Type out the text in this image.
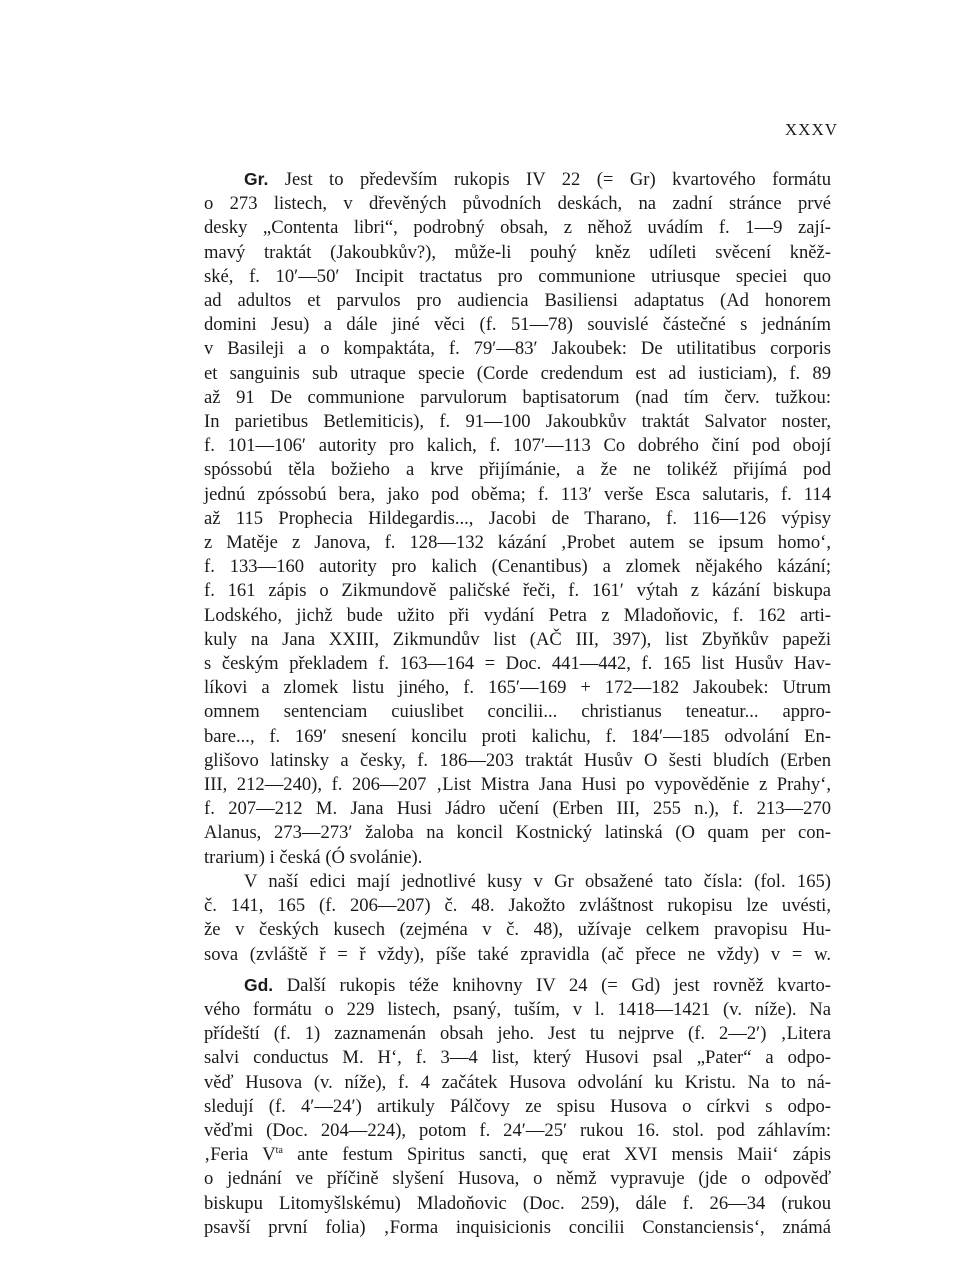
XXXV
Gr. Jest to především rukopis IV 22 (= Gr) kvartového formátu
o 273 listech, v dřevěných původních deskách, na zadní stránce prvé
desky „Contenta libri“, podrobný obsah, z něhož uvádím f. 1—9 zají-
mavý traktát (Jakoubkův?), může-li pouhý kněz udíleti svěcení kněž-
ské, f. 10′—50′ Incipit tractatus pro communione utriusque speciei quo
ad adultos et parvulos pro audiencia Basiliensi adaptatus (Ad honorem
domini Jesu) a dále jiné věci (f. 51—78) souvislé částečné s jednáním
v Basileji a o kompaktáta, f. 79′—83′ Jakoubek: De utilitatibus corporis
et sanguinis sub utraque specie (Corde credendum est ad iusticiam), f. 89
až 91 De communione parvulorum baptisatorum (nad tím červ. tužkou:
In parietibus Betlemiticis), f. 91—100 Jakoubkův traktát Salvator noster,
f. 101—106′ autority pro kalich, f. 107′—113 Co dobrého činí pod obojí
spóssobú těla božieho a krve přijímánie, a že ne tolikéž přijímá pod
jednú zpóssobú bera, jako pod oběma; f. 113′ verše Esca salutaris, f. 114
až 115 Prophecia Hildegardis..., Jacobi de Tharano, f. 116—126 výpisy
z Matěje z Janova, f. 128—132 kázání ‚Probet autem se ipsum homo‘,
f. 133—160 autority pro kalich (Cenantibus) a zlomek nějakého kázání;
f. 161 zápis o Zikmundově paličské řeči, f. 161′ výtah z kázání biskupa
Lodského, jichž bude užito při vydání Petra z Mladoňovic, f. 162 arti-
kuly na Jana XXIII, Zikmundův list (AČ III, 397), list Zbyňkův papeži
s českým překladem f. 163—164 = Doc. 441—442, f. 165 list Husův Hav-
líkovi a zlomek listu jiného, f. 165′—169 + 172—182 Jakoubek: Utrum
omnem sentenciam cuiuslibet concilii... christianus teneatur... appro-
bare..., f. 169′ snesení koncilu proti kalichu, f. 184′—185 odvolání En-
glišovo latinsky a česky, f. 186—203 traktát Husův O šesti bludích (Erben
III, 212—240), f. 206—207 ‚List Mistra Jana Husi po vypověděnie z Prahy‘,
f. 207—212 M. Jana Husi Jádro učení (Erben III, 255 n.), f. 213—270
Alanus, 273—273′ žaloba na koncil Kostnický latinská (O quam per con-
trarium) i česká (Ó svolánie).
V naší edici mají jednotlivé kusy v Gr obsažené tato čísla: (fol. 165)
č. 141, 165 (f. 206—207) č. 48. Jakožto zvláštnost rukopisu lze uvésti,
že v českých kusech (zejména v č. 48), užívaje celkem pravopisu Hu-
sova (zvláště ř = ř vždy), píše také zpravidla (ač přece ne vždy) v = w.
Gd. Další rukopis téže knihovny IV 24 (= Gd) jest rovněž kvarto-
vého formátu o 229 listech, psaný, tuším, v l. 1418—1421 (v. níže). Na
přídeští (f. 1) zaznamenán obsah jeho. Jest tu nejprve (f. 2—2′) ‚Litera
salvi conductus M. H‘, f. 3—4 list, který Husovi psal „Pater“ a odpo-
věď Husova (v. níže), f. 4 začátek Husova odvolání ku Kristu. Na to ná-
sledují (f. 4′—24′) artikuly Pálčovy ze spisu Husova o církvi s odpo-
věďmi (Doc. 204—224), potom f. 24′—25′ rukou 16. stol. pod záhlavím:
‚Feria $V^{ta}$ ante festum Spiritus sancti, quę erat XVI mensis Maii‘ zápis
o jednání ve příčině slyšení Husova, o němž vypravuje (jde o odpověď
biskupu Litomyšlskému) Mladoňovic (Doc. 259), dále f. 26—34 (rukou
psavší první folia) ‚Forma inquisicionis concilii Constanciensis‘, známá
